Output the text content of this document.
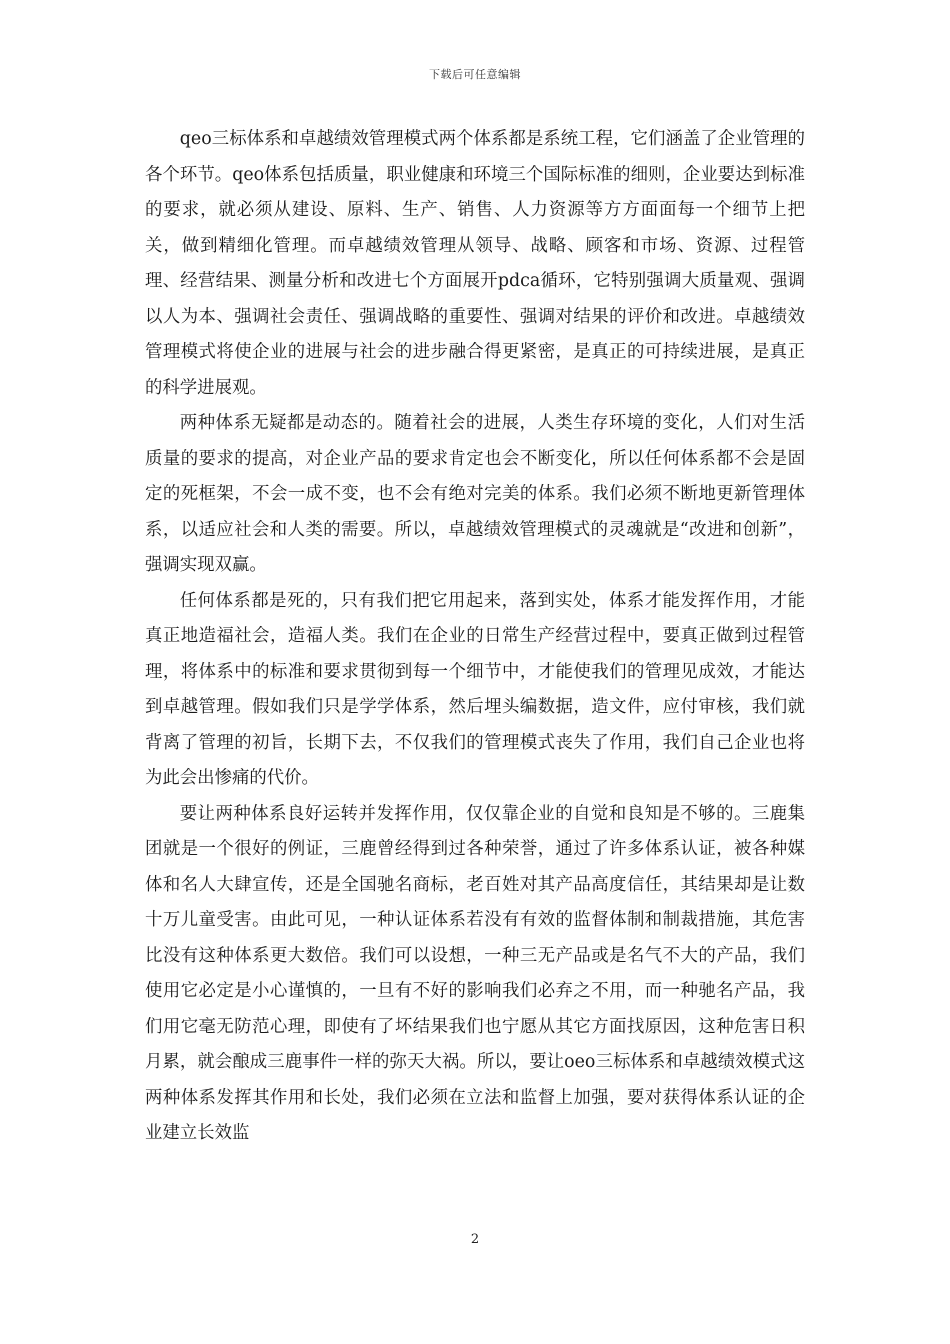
下载后可任意编辑

qeo三标体系和卓越绩效管理模式两个体系都是系统工程，它们涵盖了企业管理的各个环节。qeo体系包括质量，职业健康和环境三个国际标准的细则，企业要达到标准的要求，就必须从建设、原料、生产、销售、人力资源等方方面面每一个细节上把关，做到精细化管理。而卓越绩效管理从领导、战略、顾客和市场、资源、过程管理、经营结果、测量分析和改进七个方面展开pdca循环，它特别强调大质量观、强调以人为本、强调社会责任、强调战略的重要性、强调对结果的评价和改进。卓越绩效管理模式将使企业的进展与社会的进步融合得更紧密，是真正的可持续进展，是真正的科学进展观。

两种体系无疑都是动态的。随着社会的进展，人类生存环境的变化，人们对生活质量的要求的提高，对企业产品的要求肯定也会不断变化，所以任何体系都不会是固定的死框架，不会一成不变，也不会有绝对完美的体系。我们必须不断地更新管理体系，以适应社会和人类的需要。所以，卓越绩效管理模式的灵魂就是“改进和创新”，强调实现双赢。

任何体系都是死的，只有我们把它用起来，落到实处，体系才能发挥作用，才能真正地造福社会，造福人类。我们在企业的日常生产经营过程中，要真正做到过程管理，将体系中的标准和要求贯彻到每一个细节中，才能使我们的管理见成效，才能达到卓越管理。假如我们只是学学体系，然后埋头编数据，造文件，应付审核，我们就背离了管理的初旨，长期下去，不仅我们的管理模式丧失了作用，我们自己企业也将为此会出惨痛的代价。

要让两种体系良好运转并发挥作用，仅仅靠企业的自觉和良知是不够的。三鹿集团就是一个很好的例证，三鹿曾经得到过各种荣誉，通过了许多体系认证，被各种媒体和名人大肆宣传，还是全国驰名商标，老百姓对其产品高度信任，其结果却是让数十万儿童受害。由此可见，一种认证体系若没有有效的监督体制和制裁措施，其危害比没有这种体系更大数倍。我们可以设想，一种三无产品或是名气不大的产品，我们使用它必定是小心谨慎的，一旦有不好的影响我们必弃之不用，而一种驰名产品，我们用它毫无防范心理，即使有了坏结果我们也宁愿从其它方面找原因，这种危害日积月累，就会酿成三鹿事件一样的弥天大祸。所以，要让oeo三标体系和卓越绩效模式这两种体系发挥其作用和长处，我们必须在立法和监督上加强，要对获得体系认证的企业建立长效监

2
